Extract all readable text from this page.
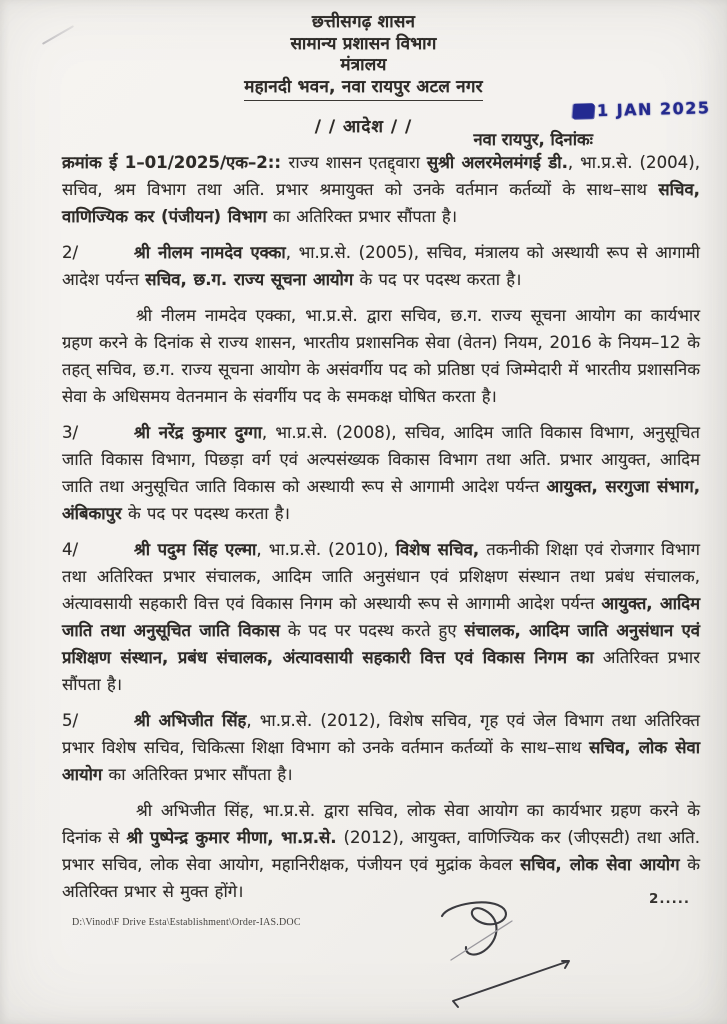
छत्तीसगढ़ शासन
सामान्य प्रशासन विभाग
मंत्रालय
महानदी भवन, नवा रायपुर अटल नगर
/ / आदेश / /
1 JAN 2025
नवा रायपुर, दिनांकः
क्रमांक ई 1–01/2025/एक–2:: राज्य शासन एतद्द्वारा सुश्री अलरमेलमंगई डी., भा.प्र.से. (2004), सचिव, श्रम विभाग तथा अति. प्रभार श्रमायुक्त को उनके वर्तमान कर्तव्यों के साथ–साथ सचिव, वाणिज्यिक कर (पंजीयन) विभाग का अतिरिक्त प्रभार सौंपता है।
2/	श्री नीलम नामदेव एक्का, भा.प्र.से. (2005), सचिव, मंत्रालय को अस्थायी रूप से आगामी आदेश पर्यन्त सचिव, छ.ग. राज्य सूचना आयोग के पद पर पदस्थ करता है।
श्री नीलम नामदेव एक्का, भा.प्र.से. द्वारा सचिव, छ.ग. राज्य सूचना आयोग का कार्यभार ग्रहण करने के दिनांक से राज्य शासन, भारतीय प्रशासनिक सेवा (वेतन) नियम, 2016 के नियम–12 के तहत् सचिव, छ.ग. राज्य सूचना आयोग के असंवर्गीय पद को प्रतिष्ठा एवं जिम्मेदारी में भारतीय प्रशासनिक सेवा के अधिसमय वेतनमान के संवर्गीय पद के समकक्ष घोषित करता है।
3/	श्री नरेंद्र कुमार दुग्गा, भा.प्र.से. (2008), सचिव, आदिम जाति विकास विभाग, अनुसूचित जाति विकास विभाग, पिछड़ा वर्ग एवं अल्पसंख्यक विकास विभाग तथा अति. प्रभार आयुक्त, आदिम जाति तथा अनुसूचित जाति विकास को अस्थायी रूप से आगामी आदेश पर्यन्त आयुक्त, सरगुजा संभाग, अंबिकापुर के पद पर पदस्थ करता है।
4/	श्री पदुम सिंह एल्मा, भा.प्र.से. (2010), विशेष सचिव, तकनीकी शिक्षा एवं रोजगार विभाग तथा अतिरिक्त प्रभार संचालक, आदिम जाति अनुसंधान एवं प्रशिक्षण संस्थान तथा प्रबंध संचालक, अंत्यावसायी सहकारी वित्त एवं विकास निगम को अस्थायी रूप से आगामी आदेश पर्यन्त आयुक्त, आदिम जाति तथा अनुसूचित जाति विकास के पद पर पदस्थ करते हुए संचालक, आदिम जाति अनुसंधान एवं प्रशिक्षण संस्थान, प्रबंध संचालक, अंत्यावसायी सहकारी वित्त एवं विकास निगम का अतिरिक्त प्रभार सौंपता है।
5/	श्री अभिजीत सिंह, भा.प्र.से. (2012), विशेष सचिव, गृह एवं जेल विभाग तथा अतिरिक्त प्रभार विशेष सचिव, चिकित्सा शिक्षा विभाग को उनके वर्तमान कर्तव्यों के साथ–साथ सचिव, लोक सेवा आयोग का अतिरिक्त प्रभार सौंपता है।
श्री अभिजीत सिंह, भा.प्र.से. द्वारा सचिव, लोक सेवा आयोग का कार्यभार ग्रहण करने के दिनांक से श्री पुष्पेन्द्र कुमार मीणा, भा.प्र.से. (2012), आयुक्त, वाणिज्यिक कर (जीएसटी) तथा अति. प्रभार सचिव, लोक सेवा आयोग, महानिरीक्षक, पंजीयन एवं मुद्रांक केवल सचिव, लोक सेवा आयोग के अतिरिक्त प्रभार से मुक्त होंगे।
D:\Vinod\F Drive Esta\Establishment\Order-IAS.DOC
2.....
